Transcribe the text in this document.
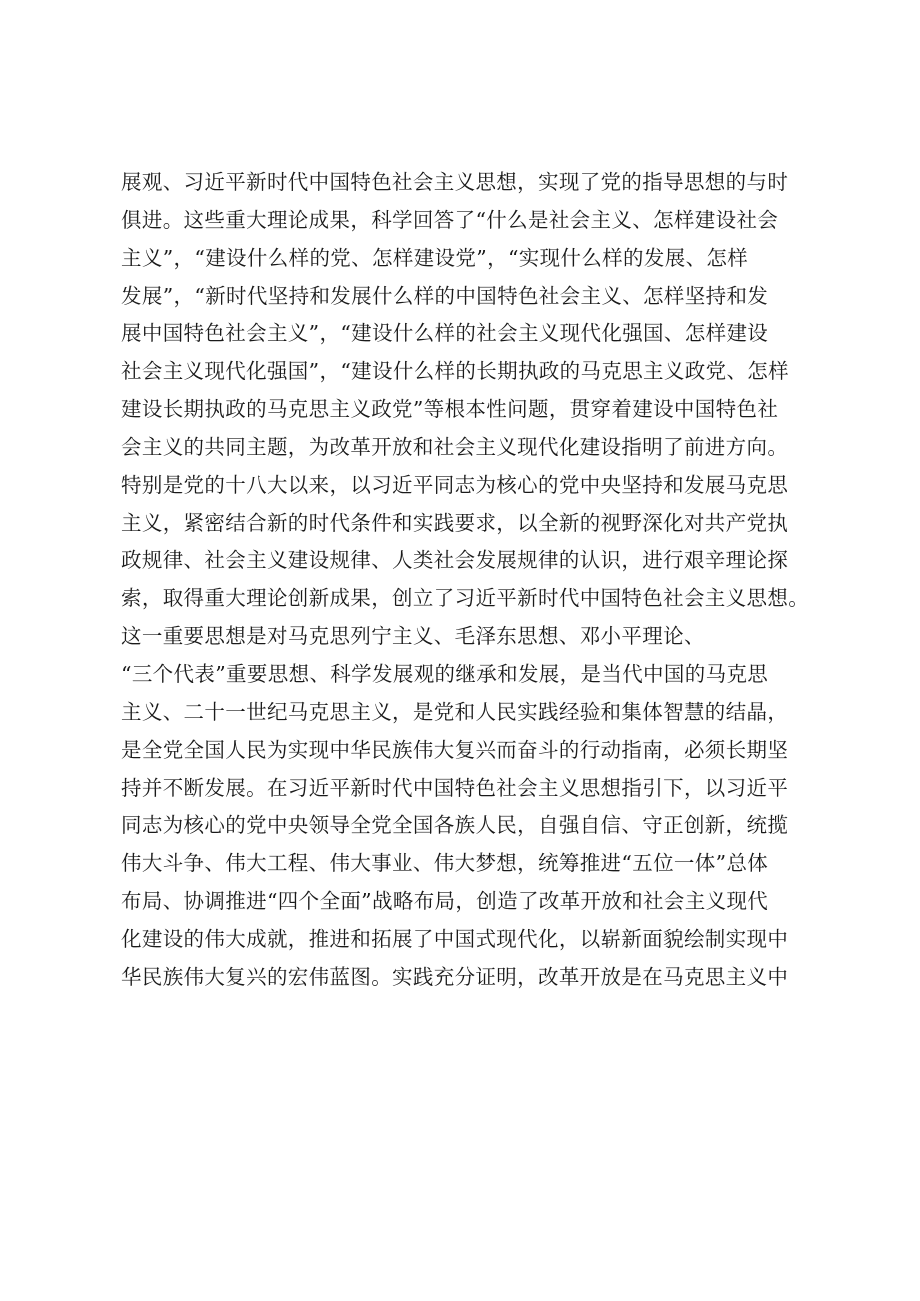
展观、习近平新时代中国特色社会主义思想，实现了党的指导思想的与时
俱进。这些重大理论成果，科学回答了“什么是社会主义、怎样建设社会
主义”，“建设什么样的党、怎样建设党”，“实现什么样的发展、怎样
发展”，“新时代坚持和发展什么样的中国特色社会主义、怎样坚持和发
展中国特色社会主义”，“建设什么样的社会主义现代化强国、怎样建设
社会主义现代化强国”，“建设什么样的长期执政的马克思主义政党、怎样
建设长期执政的马克思主义政党”等根本性问题，贯穿着建设中国特色社
会主义的共同主题，为改革开放和社会主义现代化建设指明了前进方向。
特别是党的十八大以来，以习近平同志为核心的党中央坚持和发展马克思
主义，紧密结合新的时代条件和实践要求，以全新的视野深化对共产党执
政规律、社会主义建设规律、人类社会发展规律的认识，进行艰辛理论探
索，取得重大理论创新成果，创立了习近平新时代中国特色社会主义思想。
这一重要思想是对马克思列宁主义、毛泽东思想、邓小平理论、
“三个代表”重要思想、科学发展观的继承和发展，是当代中国的马克思
主义、二十一世纪马克思主义，是党和人民实践经验和集体智慧的结晶，
是全党全国人民为实现中华民族伟大复兴而奋斗的行动指南，必须长期坚
持并不断发展。在习近平新时代中国特色社会主义思想指引下，以习近平
同志为核心的党中央领导全党全国各族人民，自强自信、守正创新，统揽
伟大斗争、伟大工程、伟大事业、伟大梦想，统筹推进“五位一体”总体
布局、协调推进“四个全面”战略布局，创造了改革开放和社会主义现代
化建设的伟大成就，推进和拓展了中国式现代化，以崭新面貌绘制实现中
华民族伟大复兴的宏伟蓝图。实践充分证明，改革开放是在马克思主义中
